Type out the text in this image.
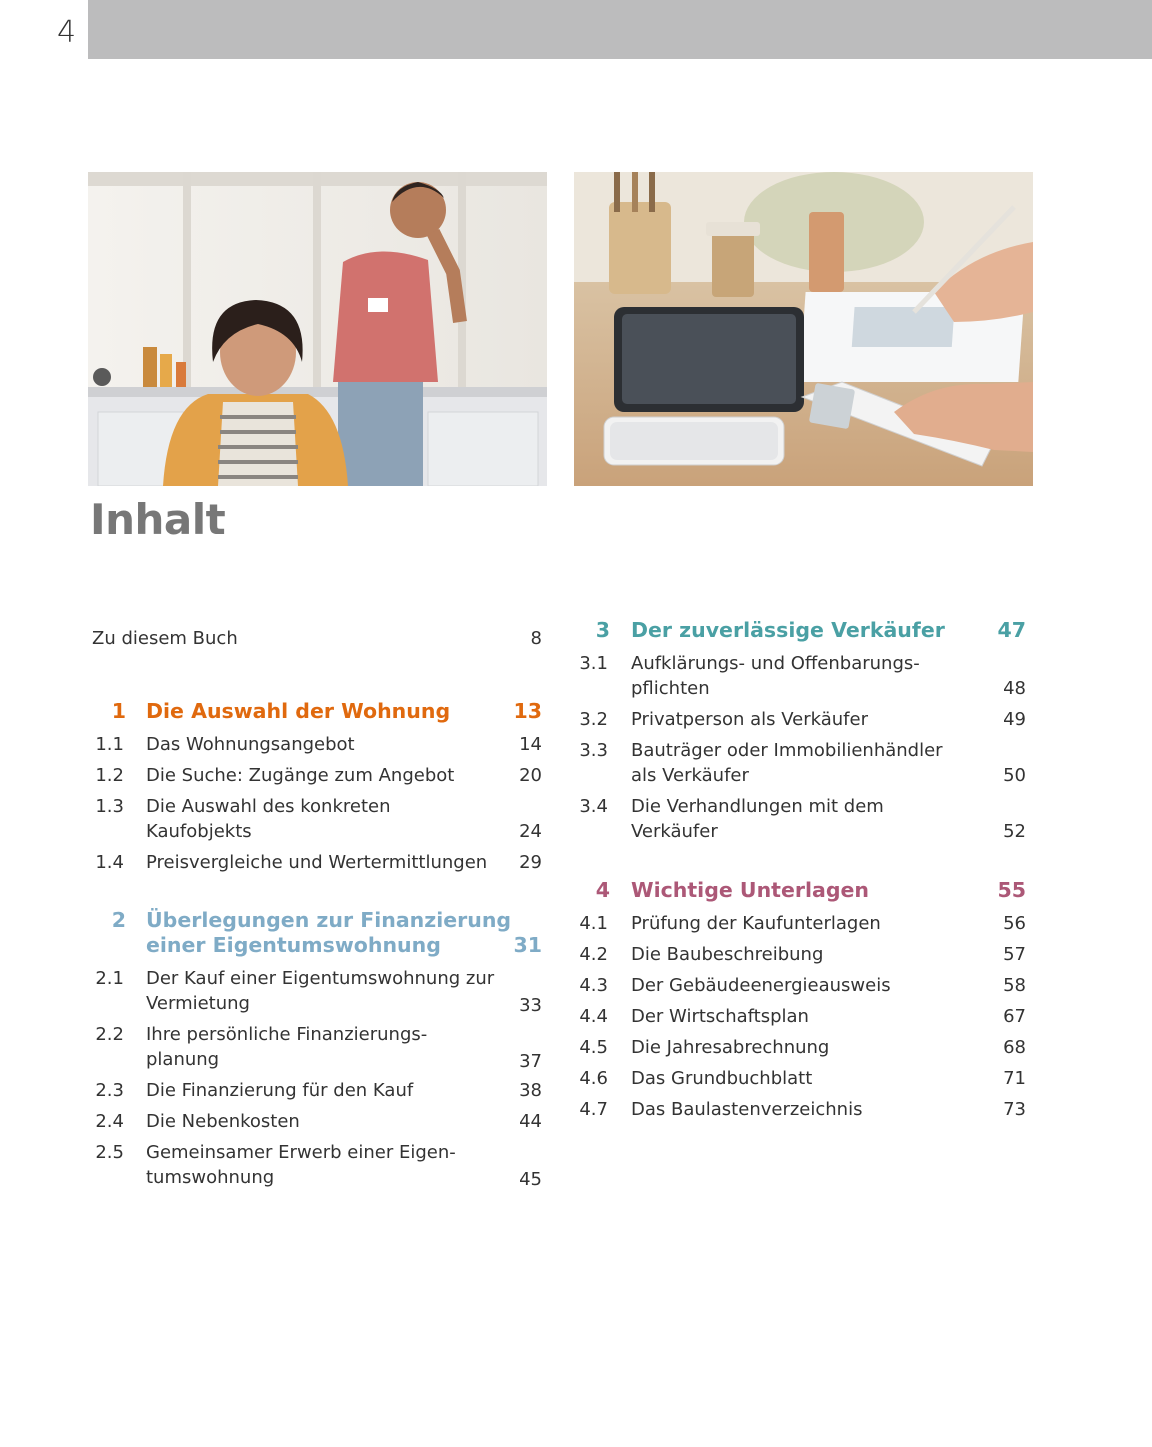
4
Inhalt
Zu diesem Buch	8
1 Die Auswahl der Wohnung	13
1.1 Das Wohnungsangebot	14
1.2 Die Suche: Zugänge zum Angebot	20
1.3 Die Auswahl des konkreten
Kaufobjekts	24
1.4 Preisvergleiche und Wertermittlungen	29
2 Überlegungen zur Finanzierung
einer Eigentumswohnung	31
2.1 Der Kauf einer Eigentumswohnung zur
Vermietung	33
2.2 Ihre persönliche Finanzierungs-
planung	37
2.3 Die Finanzierung für den Kauf	38
2.4 Die Nebenkosten	44
2.5 Gemeinsamer Erwerb einer Eigen-
tumswohnung	45
3 Der zuverlässige Verkäufer	47
3.1 Aufklärungs- und Offenbarungs-
pflichten	48
3.2 Privatperson als Verkäufer	49
3.3 Bauträger oder Immobilienhändler
als Verkäufer	50
3.4 Die Verhandlungen mit dem
Verkäufer	52
4 Wichtige Unterlagen	55
4.1 Prüfung der Kaufunterlagen	56
4.2 Die Baubeschreibung	57
4.3 Der Gebäudeenergieausweis	58
4.4 Der Wirtschaftsplan	67
4.5 Die Jahresabrechnung	68
4.6 Das Grundbuchblatt	71
4.7 Das Baulastenverzeichnis	73
